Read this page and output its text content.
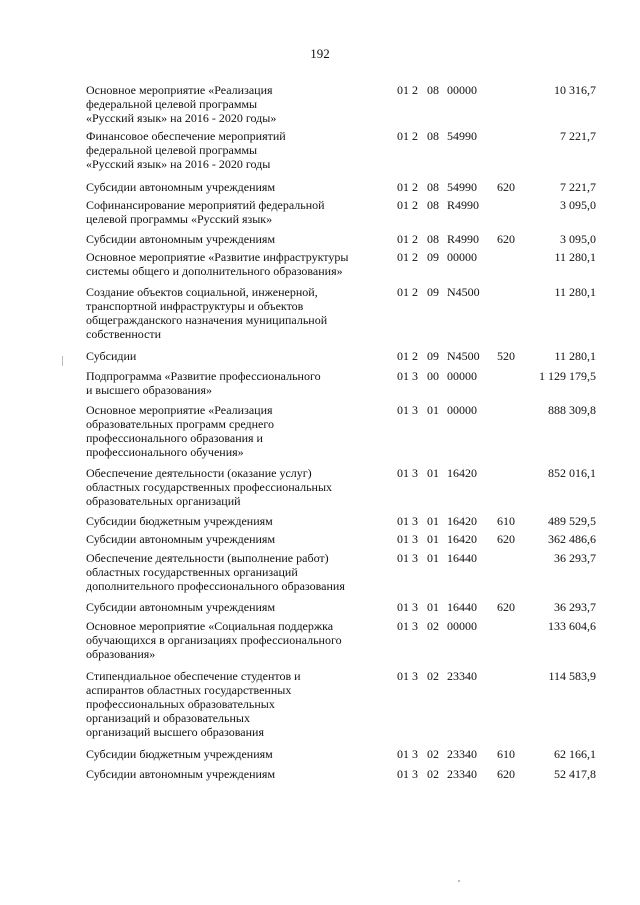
192
Основное мероприятие «Реализация
федеральной целевой программы
«Русский язык» на 2016 - 2020 годы»
01 2 08 00000	10 316,7
Финансовое обеспечение мероприятий
федеральной целевой программы
«Русский язык» на 2016 - 2020 годы
01 2 08 54990	7 221,7
Субсидии автономным учреждениям	01 2 08 54990 620	7 221,7
Софинансирование мероприятий федеральной
целевой программы «Русский язык»
01 2 08 R4990	3 095,0
Субсидии автономным учреждениям	01 2 08 R4990 620	3 095,0
Основное мероприятие «Развитие инфраструктуры
системы общего и дополнительного образования»
01 2 09 00000	11 280,1
Создание объектов социальной, инженерной,
транспортной инфраструктуры и объектов
общегражданского назначения муниципальной
собственности
01 2 09 N4500	11 280,1
Субсидии	01 2 09 N4500 520	11 280,1
Подпрограмма «Развитие профессионального
и высшего образования»
01 3 00 00000	1 129 179,5
Основное мероприятие «Реализация
образовательных программ среднего
профессионального образования и
профессионального обучения»
01 3 01 00000	888 309,8
Обеспечение деятельности (оказание услуг)
областных государственных профессиональных
образовательных организаций
01 3 01 16420	852 016,1
Субсидии бюджетным учреждениям	01 3 01 16420 610	489 529,5
Субсидии автономным учреждениям	01 3 01 16420 620	362 486,6
Обеспечение деятельности (выполнение работ)
областных государственных организаций
дополнительного профессионального образования
01 3 01 16440	36 293,7
Субсидии автономным учреждениям	01 3 01 16440 620	36 293,7
Основное мероприятие «Социальная поддержка
обучающихся в организациях профессионального
образования»
01 3 02 00000	133 604,6
Стипендиальное обеспечение студентов и
аспирантов областных государственных
профессиональных образовательных
организаций и образовательных
организаций высшего образования
01 3 02 23340	114 583,9
Субсидии бюджетным учреждениям	01 3 02 23340 610	62 166,1
Субсидии автономным учреждениям	01 3 02 23340 620	52 417,8
